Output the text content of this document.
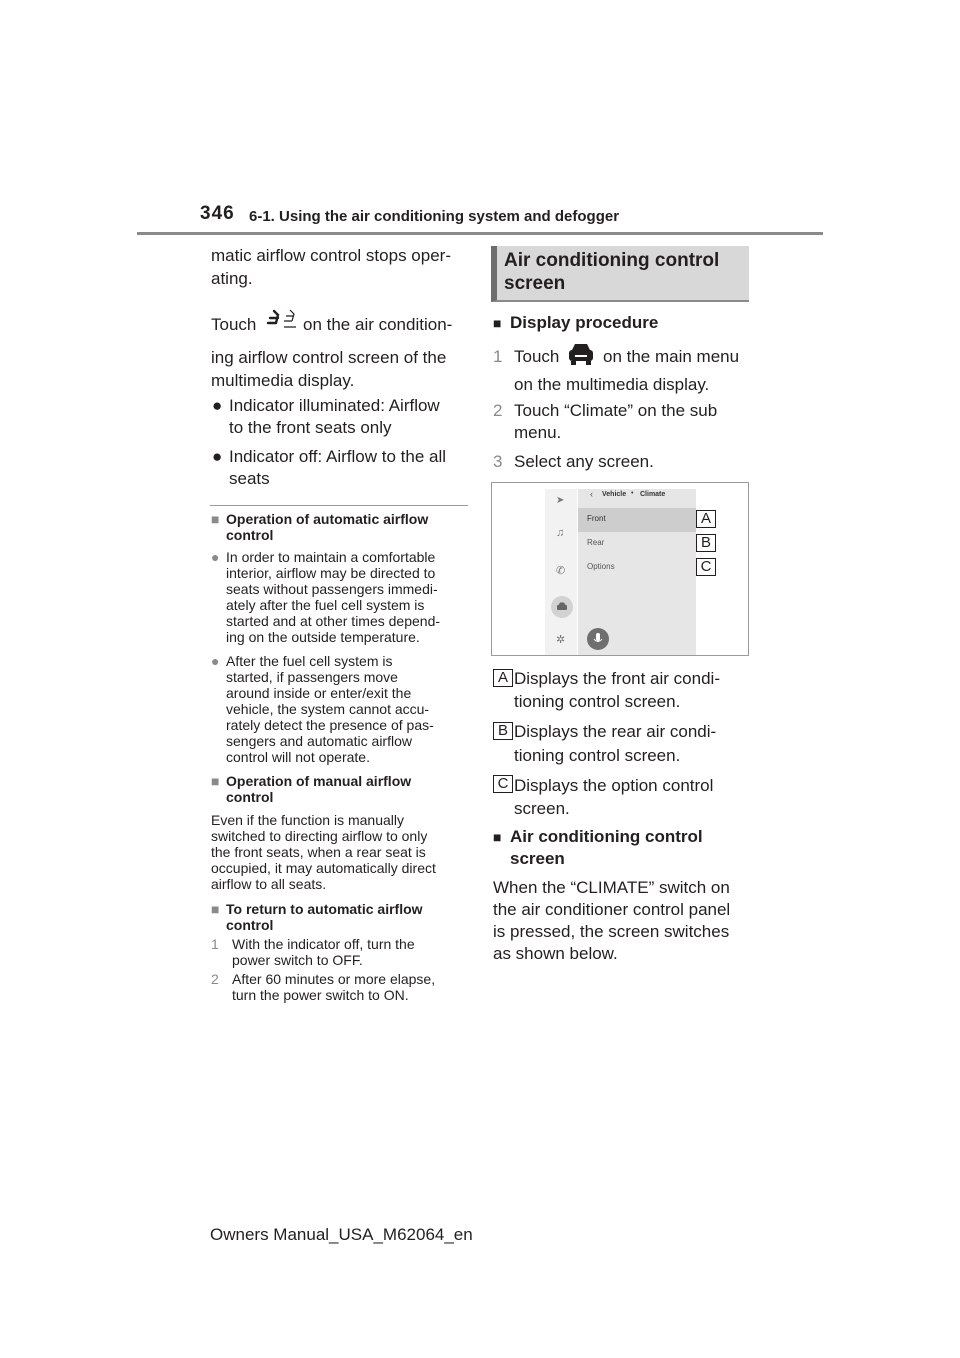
346 6-1. Using the air conditioning system and defogger
matic airflow control stops oper-
ating.
Touch	on the air condition-
ing airflow control screen of the
multimedia display.
● Indicator illuminated: Airflow
to the front seats only
● Indicator off: Airflow to the all
seats
■ Operation of automatic airflow
control
● In order to maintain a comfortable
interior, airflow may be directed to
seats without passengers immedi-
ately after the fuel cell system is
started and at other times depend-
ing on the outside temperature.
● After the fuel cell system is
started, if passengers move
around inside or enter/exit the
vehicle, the system cannot accu-
rately detect the presence of pas-
sengers and automatic airflow
control will not operate.
■ Operation of manual airflow
control
Even if the function is manually
switched to directing airflow to only
the front seats, when a rear seat is
occupied, it may automatically direct
airflow to all seats.
■ To return to automatic airflow
control
1 With the indicator off, turn the
power switch to OFF.
2 After 60 minutes or more elapse,
turn the power switch to ON.
Air conditioning control
screen
■ Display procedure
1 Touch	on the main menu
on the multimedia display.
2 Touch “Climate” on the sub
menu.
3 Select any screen.
➤
♫
✆
✲
‹ Vehicle • Climate
Front
Rear
Options
A
B
C
A Displays the front air condi-
tioning control screen.
B Displays the rear air condi-
tioning control screen.
C Displays the option control
screen.
■ Air conditioning control
screen
When the “CLIMATE” switch on
the air conditioner control panel
is pressed, the screen switches
as shown below.
Owners Manual_USA_M62064_en
